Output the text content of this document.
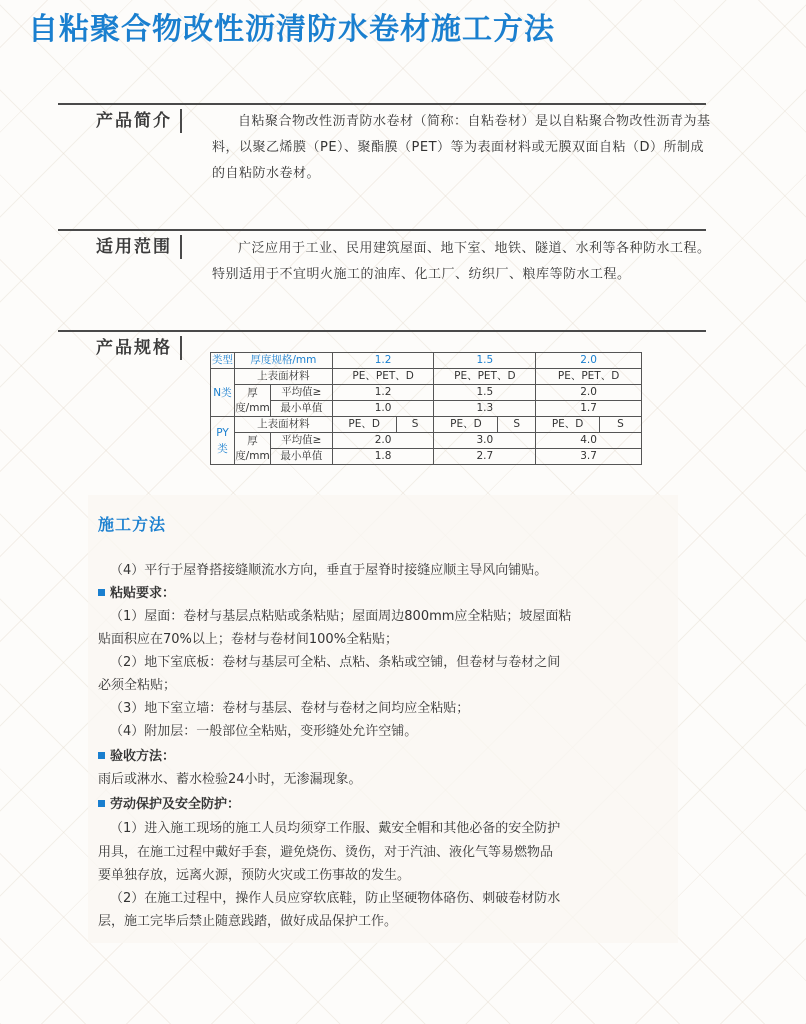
自粘聚合物改性沥清防水卷材施工方法
产品简介	自粘聚合物改性沥青防水卷材（简称：自粘卷材）是以自粘聚合物改性沥青为基料，以聚乙烯膜（PE）、聚酯膜（PET）等为表面材料或无膜双面自粘（D）所制成的自粘防水卷材。

适用范围	广泛应用于工业、民用建筑屋面、地下室、地铁、隧道、水利等各种防水工程。特别适用于不宜明火施工的油库、化工厂、纺织厂、粮库等防水工程。

产品规格
类型	厚度规格/mm		1.2		1.5		2.0	
N类	上表面材料		PE、PET、D		PE、PET、D		PE、PET、D	
	厚度/mm	平均值≥	1.2		1.5		2.0	
		最小单值	1.0		1.3		1.7	
PY类	上表面材料		PE、D	S	PE、D	S	PE、D	S
	厚度/mm	平均值≥	2.0		3.0		4.0	
		最小单值	1.8		2.7		3.7	
施工方法

（4）平行于屋脊搭接缝顺流水方向，垂直于屋脊时接缝应顺主导风向铺贴。

粘贴要求：

（1）屋面：卷材与基层点粘贴或条粘贴；屋面周边800mm应全粘贴；坡屋面粘

贴面积应在70%以上；卷材与卷材间100%全粘贴；

（2）地下室底板：卷材与基层可全粘、点粘、条粘或空铺，但卷材与卷材之间

必须全粘贴；

（3）地下室立墙：卷材与基层、卷材与卷材之间均应全粘贴；

（4）附加层：一般部位全粘贴，变形缝处允许空铺。

验收方法：

雨后或淋水、蓄水检验24小时，无渗漏现象。

劳动保护及安全防护：

（1）进入施工现场的施工人员均须穿工作服、戴安全帽和其他必备的安全防护

用具，在施工过程中戴好手套，避免烧伤、烫伤，对于汽油、液化气等易燃物品

要单独存放，远离火源，预防火灾或工伤事故的发生。

（2）在施工过程中，操作人员应穿软底鞋，防止坚硬物体硌伤、刺破卷材防水

层，施工完毕后禁止随意践踏，做好成品保护工作。
